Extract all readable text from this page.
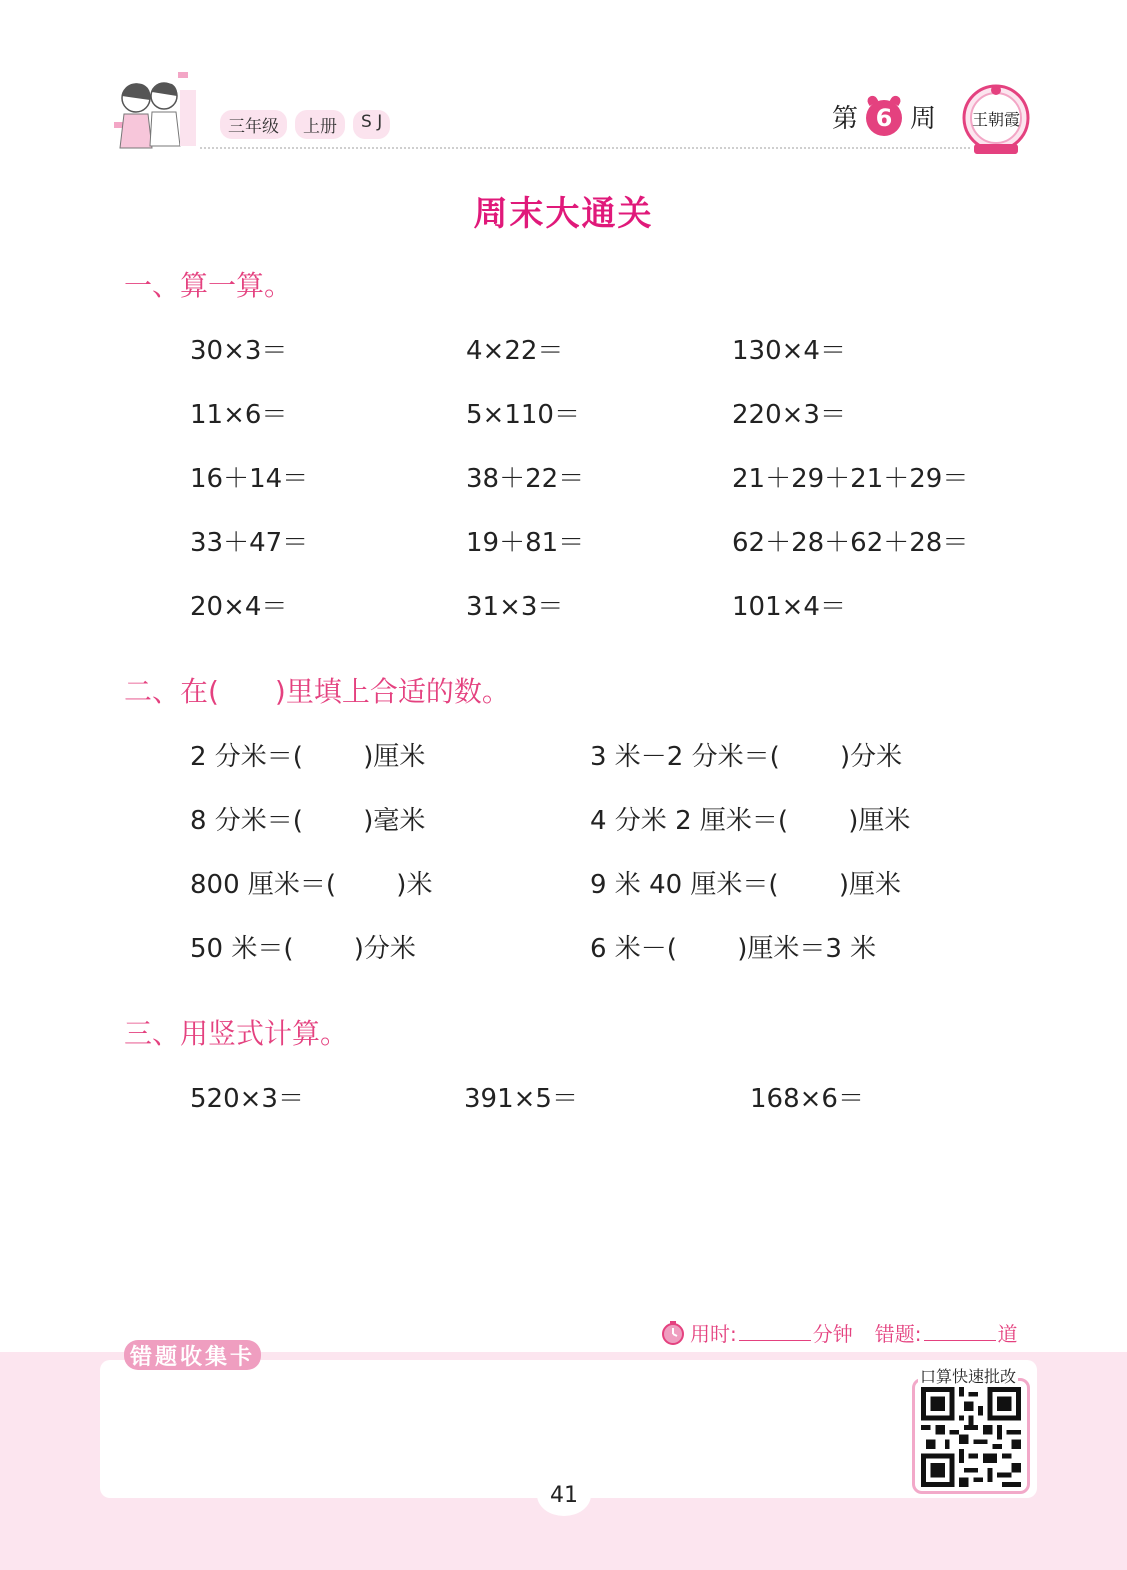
三年级	上册	S J	第 6 周 王朝霞
周末大通关
一、算一算。
30×3＝	4×22＝	130×4＝
11×6＝	5×110＝	220×3＝
16＋14＝	38＋22＝	21＋29＋21＋29＝
33＋47＝	19＋81＝	62＋28＋62＋28＝
20×4＝	31×3＝	101×4＝
二、在(　　)里填上合适的数。
2 分米＝(　　 )厘米	3 米－2 分米＝(　　 )分米
8 分米＝(　　 )毫米	4 分米 2 厘米＝(　　 )厘米
800 厘米＝(　　 )米	9 米 40 厘米＝(　　 )厘米
50 米＝(　　 )分米	6 米－(　　 )厘米＝3 米
三、用竖式计算。
520×3＝	391×5＝	168×6＝
用时:	分钟 错题:	道
错题收集卡
口算快速批改
41
